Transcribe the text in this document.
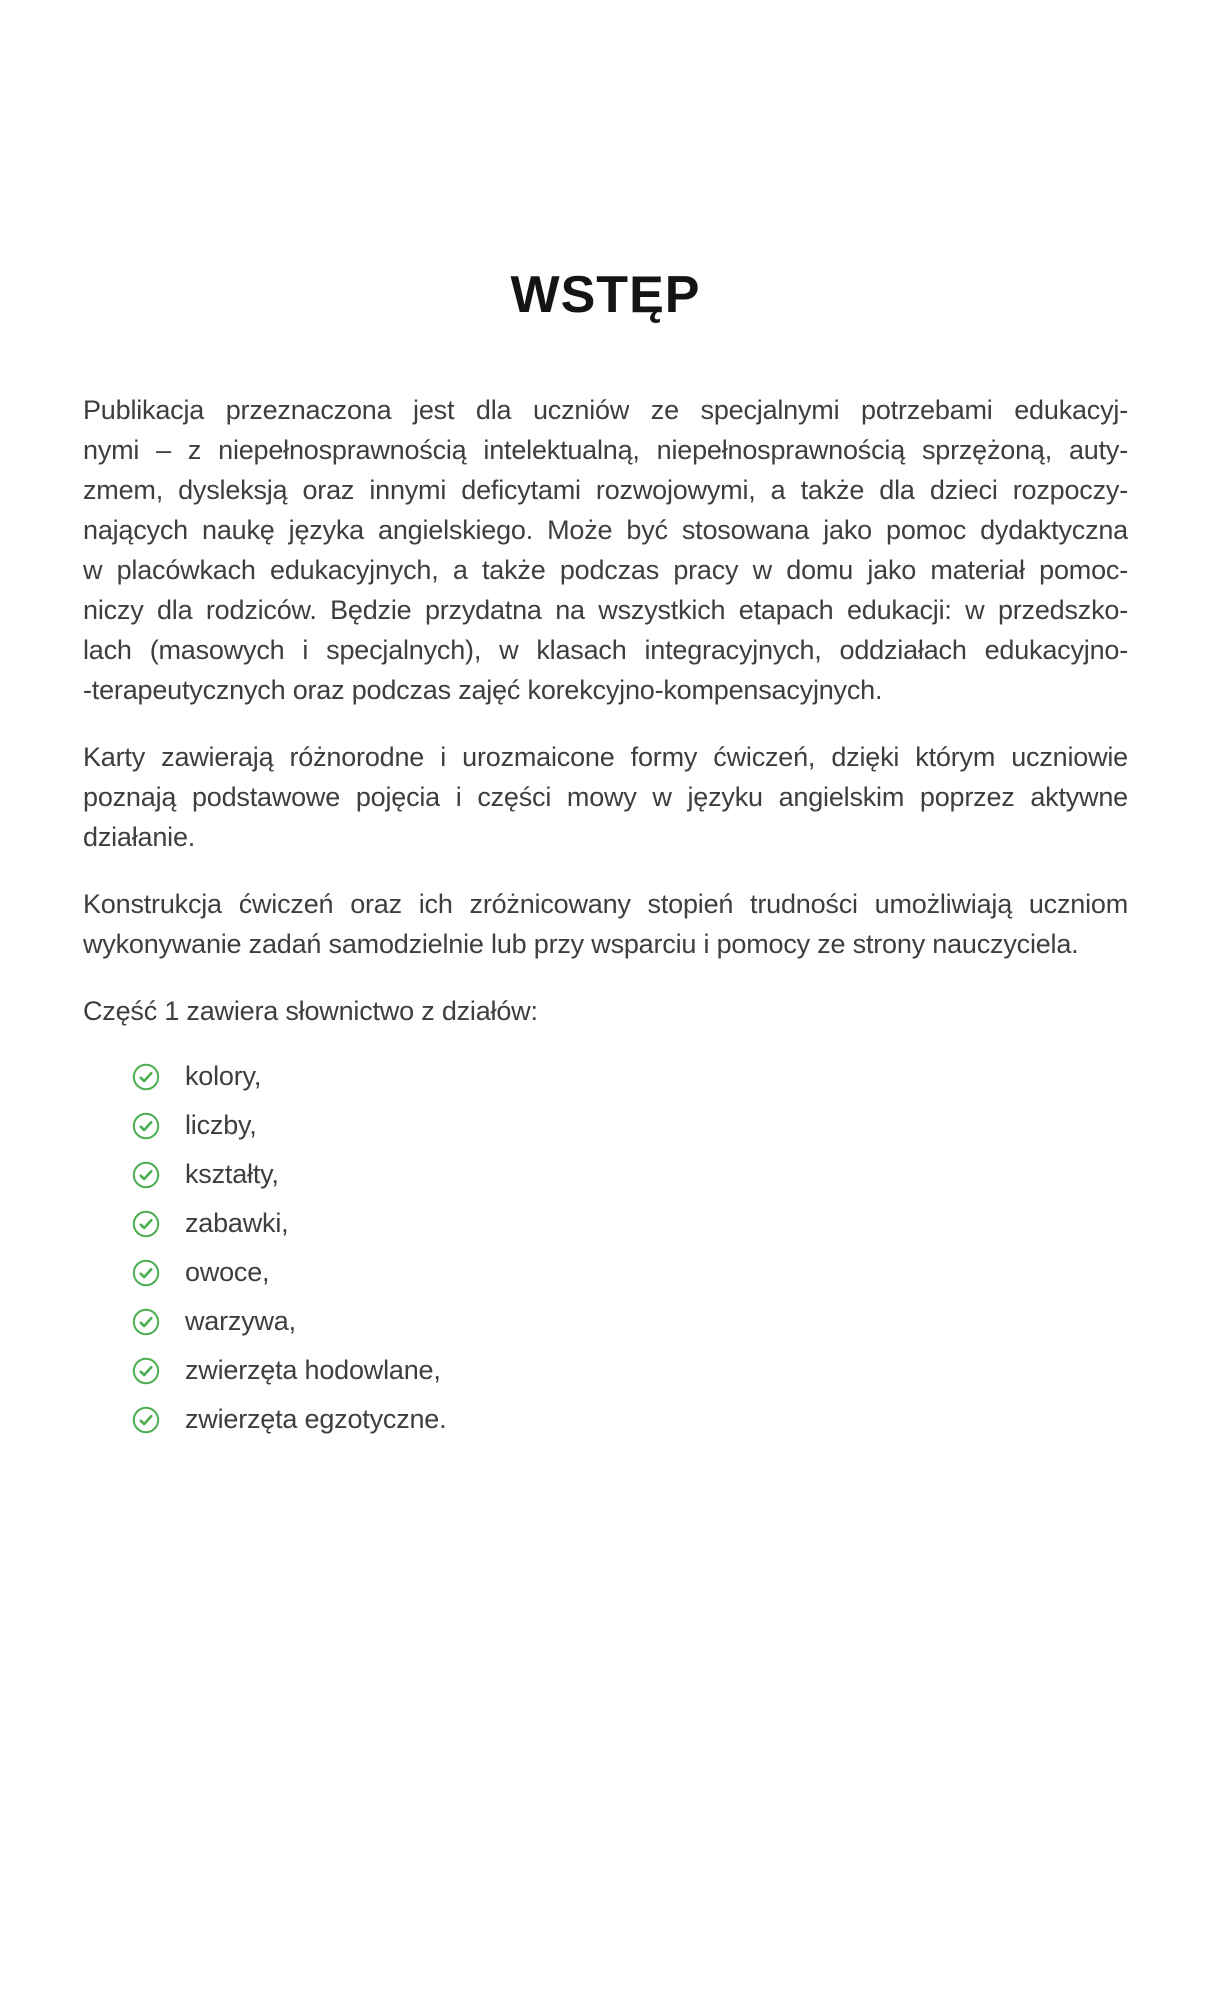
WSTĘP

Publikacja przeznaczona jest dla uczniów ze specjalnymi potrzebami edukacyj-
nymi – z niepełnosprawnością intelektualną, niepełnosprawnością sprzężoną, auty-
zmem, dysleksją oraz innymi deficytami rozwojowymi, a także dla dzieci rozpoczy-
nających naukę języka angielskiego. Może być stosowana jako pomoc dydaktyczna
w placówkach edukacyjnych, a także podczas pracy w domu jako materiał pomoc-
niczy dla rodziców. Będzie przydatna na wszystkich etapach edukacji: w przedszko-
lach (masowych i specjalnych), w klasach integracyjnych, oddziałach edukacyjno-
-terapeutycznych oraz podczas zajęć korekcyjno-kompensacyjnych.

Karty zawierają różnorodne i urozmaicone formy ćwiczeń, dzięki którym uczniowie
poznają podstawowe pojęcia i części mowy w języku angielskim poprzez aktywne
działanie.

Konstrukcja ćwiczeń oraz ich zróżnicowany stopień trudności umożliwiają uczniom
wykonywanie zadań samodzielnie lub przy wsparciu i pomocy ze strony nauczyciela.

Część 1 zawiera słownictwo z działów:

kolory,
liczby,
kształty,
zabawki,
owoce,
warzywa,
zwierzęta hodowlane,
zwierzęta egzotyczne.
